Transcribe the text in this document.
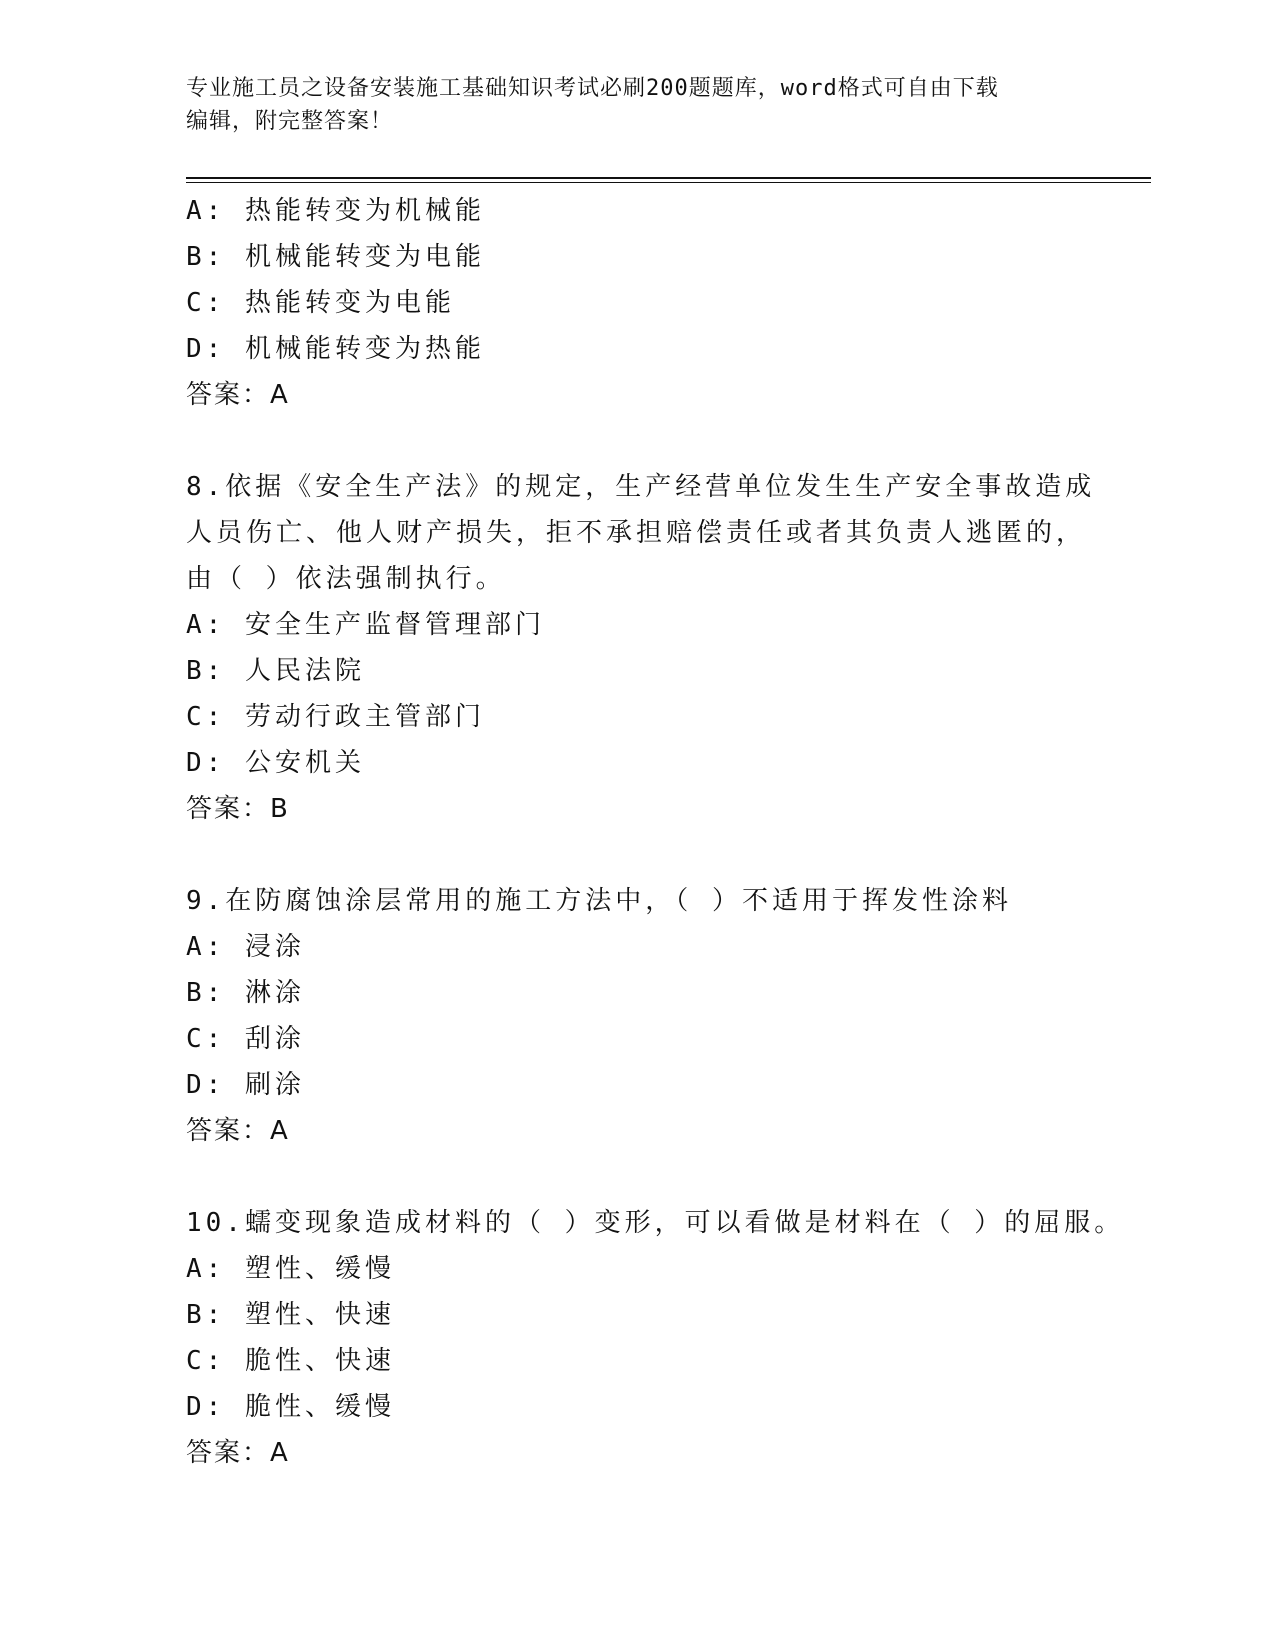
专业施工员之设备安装施工基础知识考试必刷200题题库，word格式可自由下载
编辑，附完整答案！
A: 热能转变为机械能
B: 机械能转变为电能
C: 热能转变为电能
D: 机械能转变为热能
答案：A
8.依据《安全生产法》的规定，生产经营单位发生生产安全事故造成
人员伤亡、他人财产损失，拒不承担赔偿责任或者其负责人逃匿的，
由（ ）依法强制执行。
A: 安全生产监督管理部门
B: 人民法院
C: 劳动行政主管部门
D: 公安机关
答案：B
9.在防腐蚀涂层常用的施工方法中，（ ）不适用于挥发性涂料
A: 浸涂
B: 淋涂
C: 刮涂
D: 刷涂
答案：A
10.蠕变现象造成材料的（ ）变形，可以看做是材料在（ ）的屈服。
A: 塑性、缓慢
B: 塑性、快速
C: 脆性、快速
D: 脆性、缓慢
答案：A
